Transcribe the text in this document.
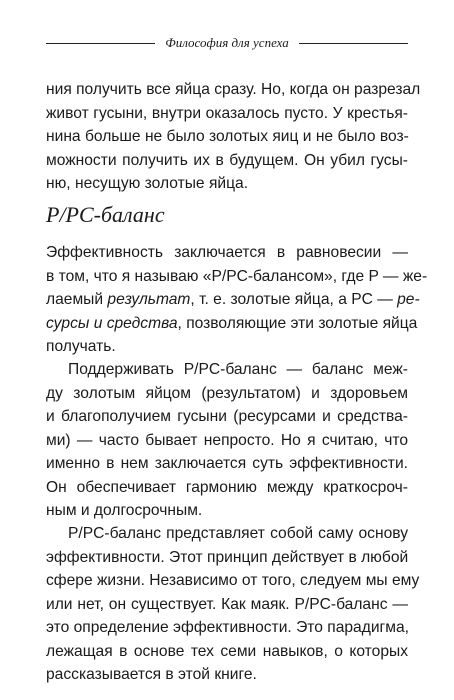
Философия для успеха

ния получить все яйца сразу. Но, когда он разрезал
живот гусыни, внутри оказалось пусто. У крестья-
нина больше не было золотых яиц и не было воз-
можности получить их в будущем. Он убил гусы-
ню, несущую золотые яйца.

P/PC-баланс

Эффективность заключается в равновесии —
в том, что я называю «P/PC-балансом», где P — же-
лаемый результат, т. е. золотые яйца, а PC — ре-
сурсы и средства, позволяющие эти золотые яйца
получать.

Поддерживать P/PC-баланс — баланс меж-
ду золотым яйцом (результатом) и здоровьем
и благополучием гусыни (ресурсами и средства-
ми) — часто бывает непросто. Но я считаю, что
именно в нем заключается суть эффективности.
Он обеспечивает гармонию между краткосроч-
ным и долгосрочным.

P/PC-баланс представляет собой саму основу
эффективности. Этот принцип действует в любой
сфере жизни. Независимо от того, следуем мы ему
или нет, он существует. Как маяк. P/PC-баланс —
это определение эффективности. Это парадигма,
лежащая в основе тех семи навыков, о которых
рассказывается в этой книге.
